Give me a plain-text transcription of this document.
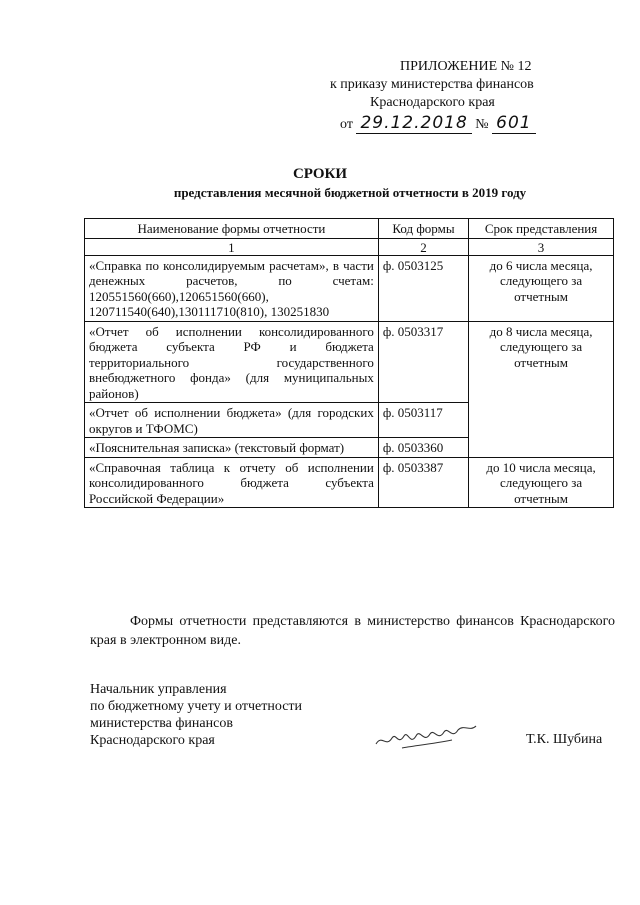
ПРИЛОЖЕНИЕ № 12
к приказу министерства финансов
Краснодарского края
от 29.12.2018 № 601
СРОКИ
представления месячной бюджетной отчетности в 2019 году
Наименование формы отчетности	Код формы	Срок представления
1	2	3
«Справка по консолидируемым расчетам», в части денежных расчетов, по счетам: 120551560(660),120651560(660), 120711540(640),130111710(810), 130251830	ф. 0503125	до 6 числа месяца, следующего за отчетным
«Отчет об исполнении консолидированного бюджета субъекта РФ и бюджета территориального государственного внебюджетного фонда» (для муниципальных районов)	ф. 0503317	до 8 числа месяца, следующего за отчетным
«Отчет об исполнении бюджета» (для городских округов и ТФОМС)	ф. 0503117	
«Пояснительная записка» (текстовый формат)	ф. 0503360	
«Справочная таблица к отчету об исполнении консолидированного бюджета субъекта Российской Федерации»	ф. 0503387	до 10 числа месяца, следующего за отчетным
Формы отчетности представляются в министерство финансов Краснодарского края в электронном виде.
Начальник управления
по бюджетному учету и отчетности
министерства финансов
Краснодарского края	Т.К. Шубина
